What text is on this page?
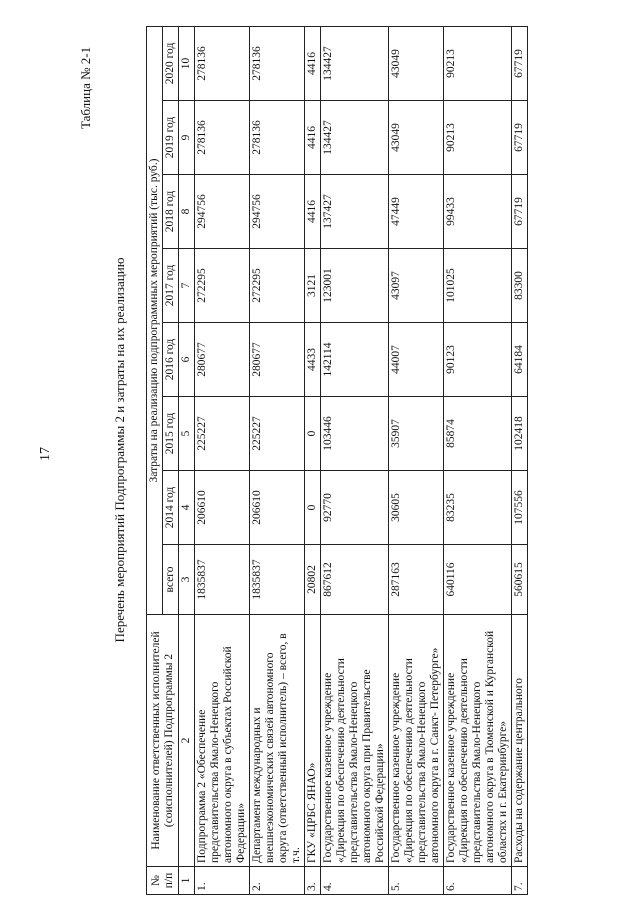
17
Таблица № 2-1
Перечень мероприятий Подпрограммы 2 и затраты на их реализацию
№ п/п	Наименование ответственных исполнителей (соисполнителей) Подпрограммы 2	Затраты на реализацию подпрограммных мероприятий (тыс. руб.)							
		всего	2014 год	2015 год	2016 год	2017 год	2018 год	2019 год	2020 год
1	2	3	4	5	6	7	8	9	10
1.	Подпрограмма 2 «Обеспечение представительства Ямало-Ненецкого автономного округа в субъектах Российской Федерации»	1835837	206610	225227	280677	272295	294756	278136	278136
2.	Департамент международных и внешнеэкономических связей автономного округа (ответственный исполнитель) – всего, в т.ч.	1835837	206610	225227	280677	272295	294756	278136	278136
3.	ГКУ «ЦРБС ЯНАО»	20802	0	0	4433	3121	4416	4416	4416
4.	Государственное казенное учреждение «Дирекция по обеспечению деятельности представительства Ямало-Ненецкого автономного округа при Правительстве Российской Федерации»	867612	92770	103446	142114	123001	137427	134427	134427
5.	Государственное казенное учреждение «Дирекция по обеспечению деятельности представительства Ямало-Ненецкого автономного округа в г. Санкт- Петербурге»	287163	30605	35907	44007	43097	47449	43049	43049
6.	Государственное казенное учреждение «Дирекция по обеспечению деятельности представительства Ямало-Ненецкого автономного округа в Тюменской и Курганской областях и г. Екатеринбурге»	640116	83235	85874	90123	101025	99433	90213	90213
7.	Расходы на содержание центрального	560615	107556	102418	64184	83300	67719	67719	67719
